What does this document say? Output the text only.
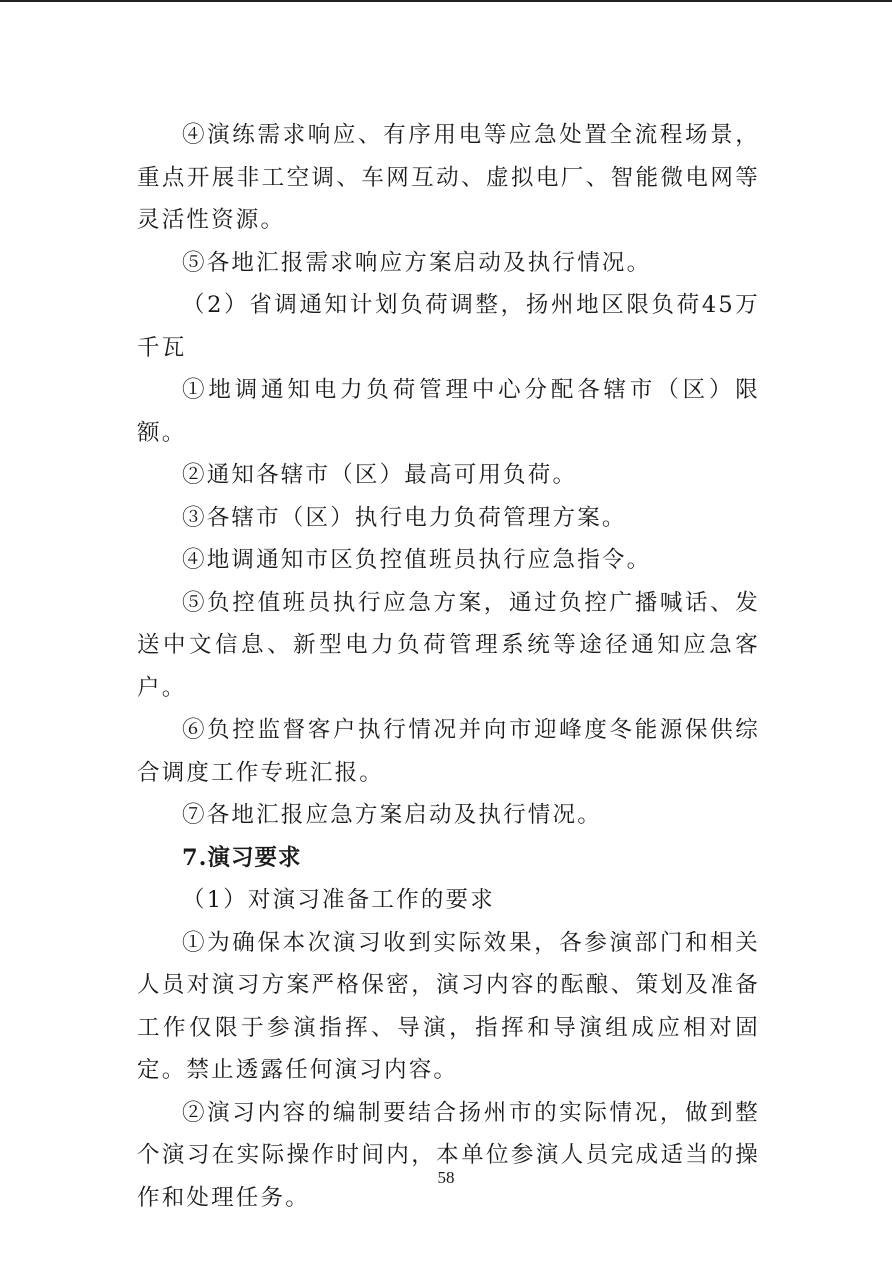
④演练需求响应、有序用电等应急处置全流程场景，重点开展非工空调、车网互动、虚拟电厂、智能微电网等灵活性资源。

⑤各地汇报需求响应方案启动及执行情况。

（2）省调通知计划负荷调整，扬州地区限负荷45万千瓦

①地调通知电力负荷管理中心分配各辖市（区）限额。

②通知各辖市（区）最高可用负荷。

③各辖市（区）执行电力负荷管理方案。

④地调通知市区负控值班员执行应急指令。

⑤负控值班员执行应急方案，通过负控广播喊话、发送中文信息、新型电力负荷管理系统等途径通知应急客户。

⑥负控监督客户执行情况并向市迎峰度冬能源保供综合调度工作专班汇报。

⑦各地汇报应急方案启动及执行情况。

7.演习要求

（1）对演习准备工作的要求

①为确保本次演习收到实际效果，各参演部门和相关人员对演习方案严格保密，演习内容的酝酿、策划及准备工作仅限于参演指挥、导演，指挥和导演组成应相对固定。禁止透露任何演习内容。

②演习内容的编制要结合扬州市的实际情况，做到整个演习在实际操作时间内，本单位参演人员完成适当的操作和处理任务。

58
